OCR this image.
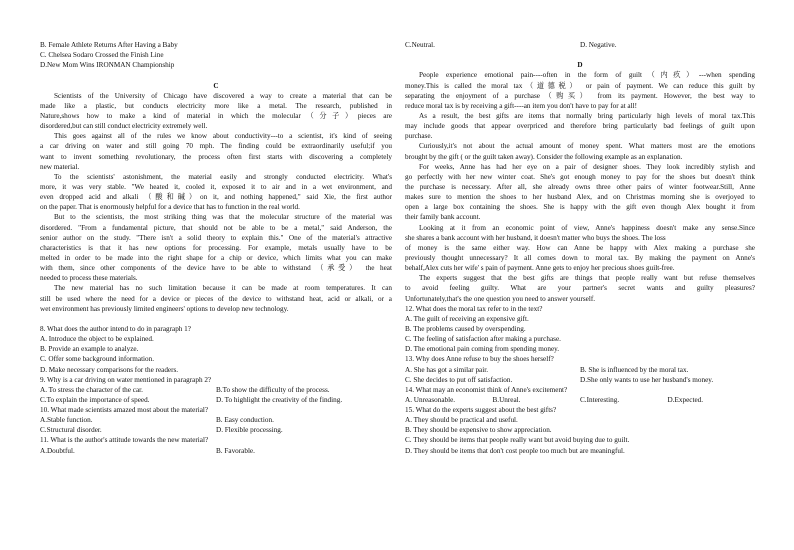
B. Female Athlete Returns After Having a Baby
C. Chelsea Sodaro Crossed the Finish Line
D.New Mom Wins IRONMAN Championship
C
Scientists of the University of Chicago have discovered a way to create a material that can be
made like a plastic, but conducts electricity more like a metal. The research, published in
Nature,shows how to make a kind of material in which the molecular（分子）pieces are
disordered,but can still conduct electricity extremely well.
This goes against all of the rules we know about conductivity---to a scientist, it's kind of seeing
a car driving on water and still going 70 mph. The finding could be extraordinarily useful;if you
want to invent something revolutionary, the process often first starts with discovering a completely
new material.
To the scientists' astonishment, the material easily and strongly conducted electricity. What's
more, it was very stable. "We heated it, cooled it, exposed it to air and in a wet environment, and
even dropped acid and alkali （酸和碱）on it, and nothing happened," said Xie, the first author
on the paper. That is enormously helpful for a device that has to function in the real world.
But to the scientists, the most striking thing was that the molecular structure of the material was
disordered. "From a fundamental picture, that should not be able to be a metal," said Anderson, the
senior author on the study. "There isn't a solid theory to explain this." One of the material's attractive
characteristics is that it has new options for processing. For example, metals usually have to be
melted in order to be made into the right shape for a chip or device, which limits what you can make
with them, since other components of the device have to be able to withstand （承受） the heat
needed to process these materials.
The new material has no such limitation because it can be made at room temperatures. It can
still be used where the need for a device or pieces of the device to withstand heat, acid or alkali, or a
wet environment has previously limited engineers' options to develop new technology.
8. What does the author intend to do in paragraph 1?
A. Introduce the object to be explained.
B. Provide an example to analyze.
C. Offer some background information.
D. Make necessary comparisons for the readers.
9. Why is a car driving on water mentioned in paragraph 2?
A. To stress the character of the car.	B.To show the difficulty of the process.
C.To explain the importance of speed.	D. To highlight the creativity of the finding.
10. What made scientists amazed most about the material?
A.Stable function.	B. Easy conduction.
C.Structural disorder.	D. Flexible processing.
11. What is the author's attitude towards the new material?
A.Doubtful.	B. Favorable.
C.Neutral.	D. Negative.
D
People experience emotional pain----often in the form of guilt（内疚）---when spending
money.This is called the moral tax（道德税） or pain of payment. We can reduce this guilt by
separating the enjoyment of a purchase（购买） from its payment. However, the best way to
reduce moral tax is by receiving a gift----an item you don't have to pay for at all!
As a result, the best gifts are items that normally bring particularly high levels of moral tax.This
may include goods that appear overpriced and therefore bring particularly bad feelings of guilt upon
purchase.
Curiously,it's not about the actual amount of money spent. What matters most are the emotions
brought by the gift ( or the guilt taken away). Consider the following example as an explanation.
For weeks, Anne has had her eye on a pair of designer shoes. They look incredibly stylish and
go perfectly with her new winter coat. She's got enough money to pay for the shoes but doesn't think
the purchase is necessary. After all, she already owns three other pairs of winter footwear.Still, Anne
makes sure to mention the shoes to her husband Alex, and on Christmas morning she is overjoyed to
open a large box containing the shoes. She is happy with the gift even though Alex bought it from
their family bank account.
Looking at it from an economic point of view, Anne's happiness doesn't make any sense.Since
she shares a bank account with her husband, it doesn't matter who buys the shoes. The loss
of money is the same either way. How can Anne be happy with Alex making a purchase she
previously thought unnecessary? It all comes down to moral tax. By making the payment on Anne's
behalf,Alex cuts her wife' s pain of payment. Anne gets to enjoy her precious shoes guilt-free.
The experts suggest that the best gifts are things that people really want but refuse themselves
to avoid feeling guilty. What are your partner's secret wants and guilty pleasures?
Unfortunately,that's the one question you need to answer yourself.
12. What does the moral tax refer to in the text?
A. The guilt of receiving an expensive gift.
B. The problems caused by overspending.
C. The feeling of satisfaction after making a purchase.
D. The emotional pain coming from spending money.
13. Why does Anne refuse to buy the shoes herself?
A. She has got a similar pair.	B. She is influenced by the moral tax.
C. She decides to put off satisfaction.	D.She only wants to use her husband's money.
14. What may an economist think of Anne's excitement?
A. Unreasonable.	B.Unreal.	C.Interesting.	D.Expected.
15. What do the experts suggest about the best gifts?
A. They should be practical and useful.
B. They should be expensive to show appreciation.
C. They should be items that people really want but avoid buying due to guilt.
D. They should be items that don't cost people too much but are meaningful.
